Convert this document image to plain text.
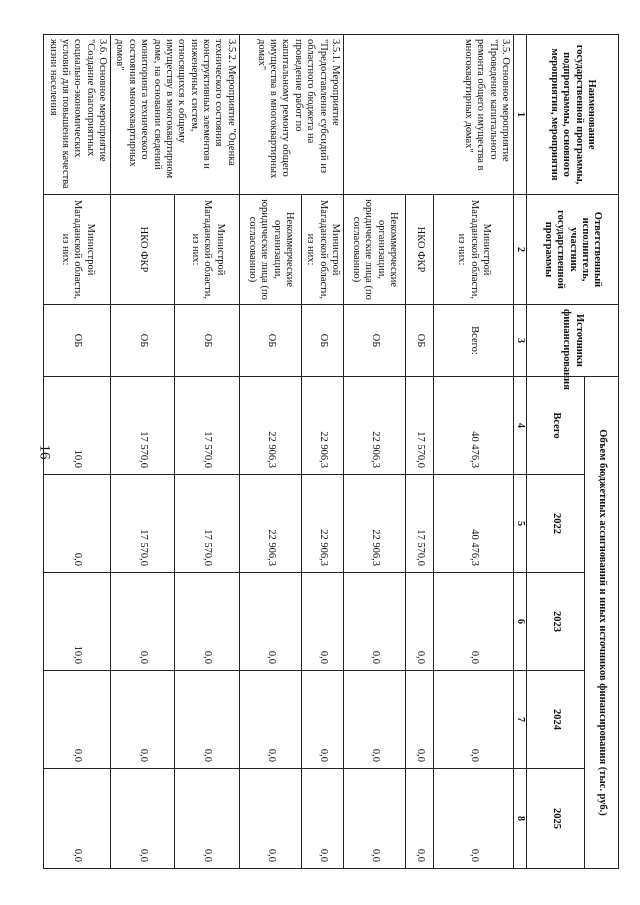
16
Наименование государственной программы, подпрограммы, основного мероприятия, мероприятия	Ответственный исполнитель, участник государственной программы	Источники финансирования	Объем бюджетных ассигнований и иных источников финансирования (тыс. руб.)				
			Всего	2022	2023	2024	2025
1	2	3	4	5	6	7	8
3.5. Основное мероприятие "Проведение капитального ремонта общего имущества в многоквартирных домах"	Министрой Магаданской области, из них:	Всего:	40 476,3	40 476,3	0,0	0,0	0,0
	НКО ФКР	ОБ	17 570,0	17 570,0	0,0	0,0	0,0
	Некоммерческие организации, юридические лица (по согласованию)	ОБ	22 906,3	22 906,3	0,0	0,0	0,0
3.5.1. Мероприятие "Предоставление субсидий из областного бюджета на проведение работ по капитальному ремонту общего имущества в многоквартирных домах"	Министрой Магаданской области, из них:	ОБ	22 906,3	22 906,3	0,0	0,0	0,0
	Некоммерческие организации, юридические лица (по согласованию)	ОБ	22 906,3	22 906,3	0,0	0,0	0,0
3.5.2. Мероприятие "Оценка технического состояния конструктивных элементов и инженерных систем, относящихся к общему имуществу в многоквартирном доме, на основании сведений мониторинга технического состояния многоквартирных домов"	Министрой Магаданской области, из них:	ОБ	17 570,0	17 570,0	0,0	0,0	0,0
	НКО ФКР	ОБ	17 570,0	17 570,0	0,0	0,0	0,0
3.6. Основное мероприятие "Создание благоприятных социально-экономических условий для повышения качества жизни населения	Министрой Магаданской области, из них:	ОБ	10,0	0,0	10,0	0,0	0,0
